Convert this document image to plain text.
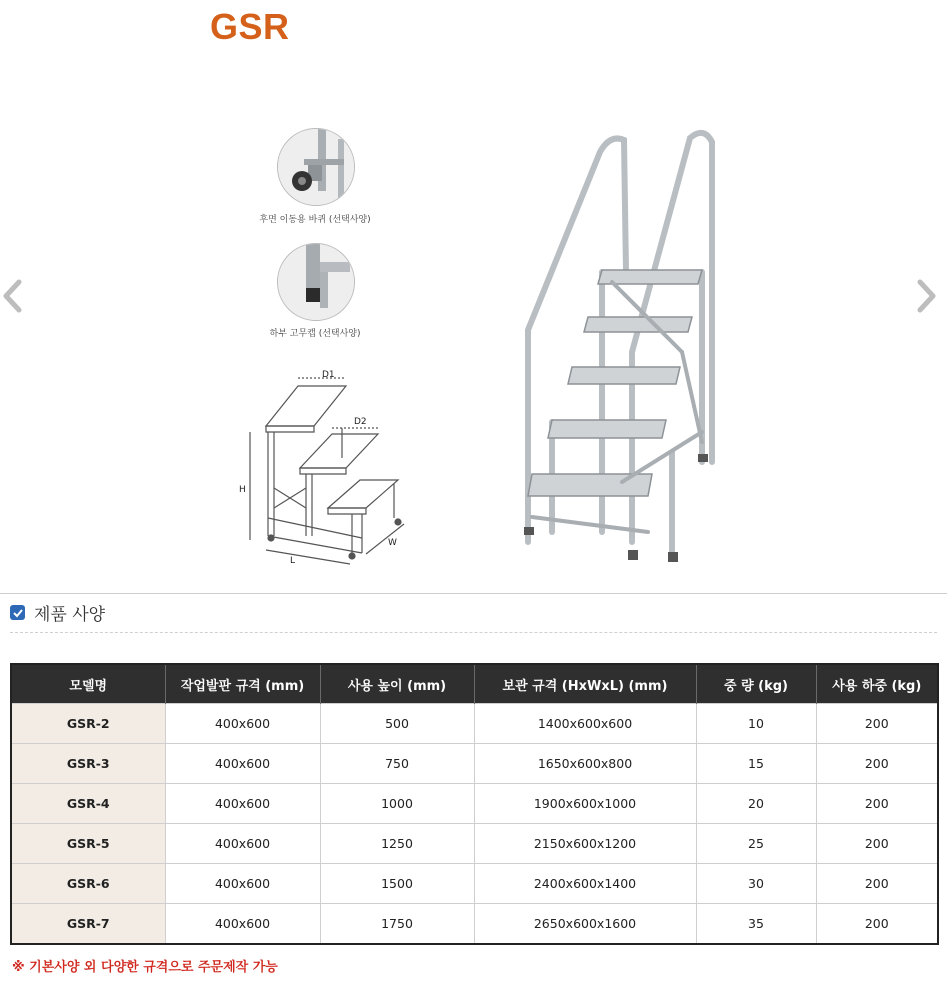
GSR
후면 이동용 바퀴 (선택사양)
하부 고무캡 (선택사양)
D1
D2
H
L
W
제품 사양
모델명	작업발판 규격 (mm)	사용 높이 (mm)	보관 규격 (HxWxL) (mm)	중 량 (kg)	사용 하중 (kg)
GSR-2	400x600	500	1400x600x600	10	200
GSR-3	400x600	750	1650x600x800	15	200
GSR-4	400x600	1000	1900x600x1000	20	200
GSR-5	400x600	1250	2150x600x1200	25	200
GSR-6	400x600	1500	2400x600x1400	30	200
GSR-7	400x600	1750	2650x600x1600	35	200
※ 기본사양 외 다양한 규격으로 주문제작 가능
